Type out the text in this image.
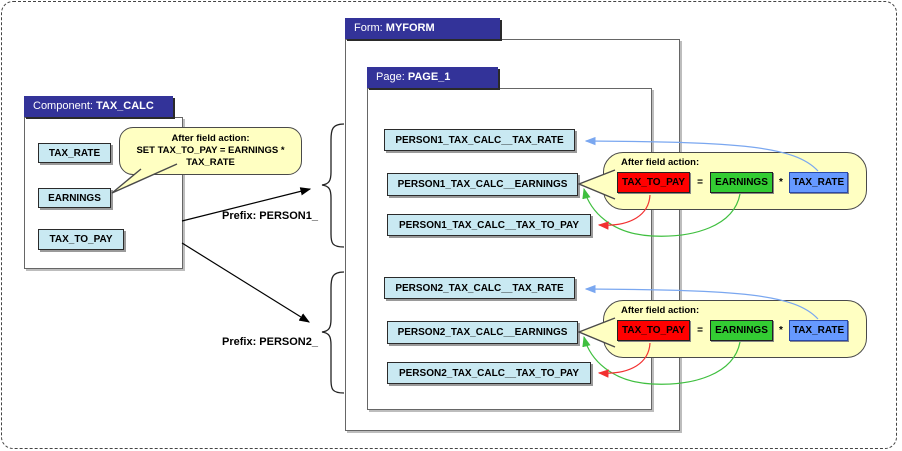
Component: TAX_CALC
Form: MYFORM
Page: PAGE_1
TAX_RATE
EARNINGS
TAX_TO_PAY
PERSON1_TAX_CALC__TAX_RATE
PERSON1_TAX_CALC__EARNINGS
PERSON1_TAX_CALC__TAX_TO_PAY
PERSON2_TAX_CALC__TAX_RATE
PERSON2_TAX_CALC__EARNINGS
PERSON2_TAX_CALC__TAX_TO_PAY
Prefix: PERSON1_
Prefix: PERSON2_
After field action:
SET TAX_TO_PAY = EARNINGS *
TAX_RATE	After field action:
TAX_TO_PAY	=	EARNINGS	* TAX_RATE
After field action:
TAX_TO_PAY	=	EARNINGS	* TAX_RATE
